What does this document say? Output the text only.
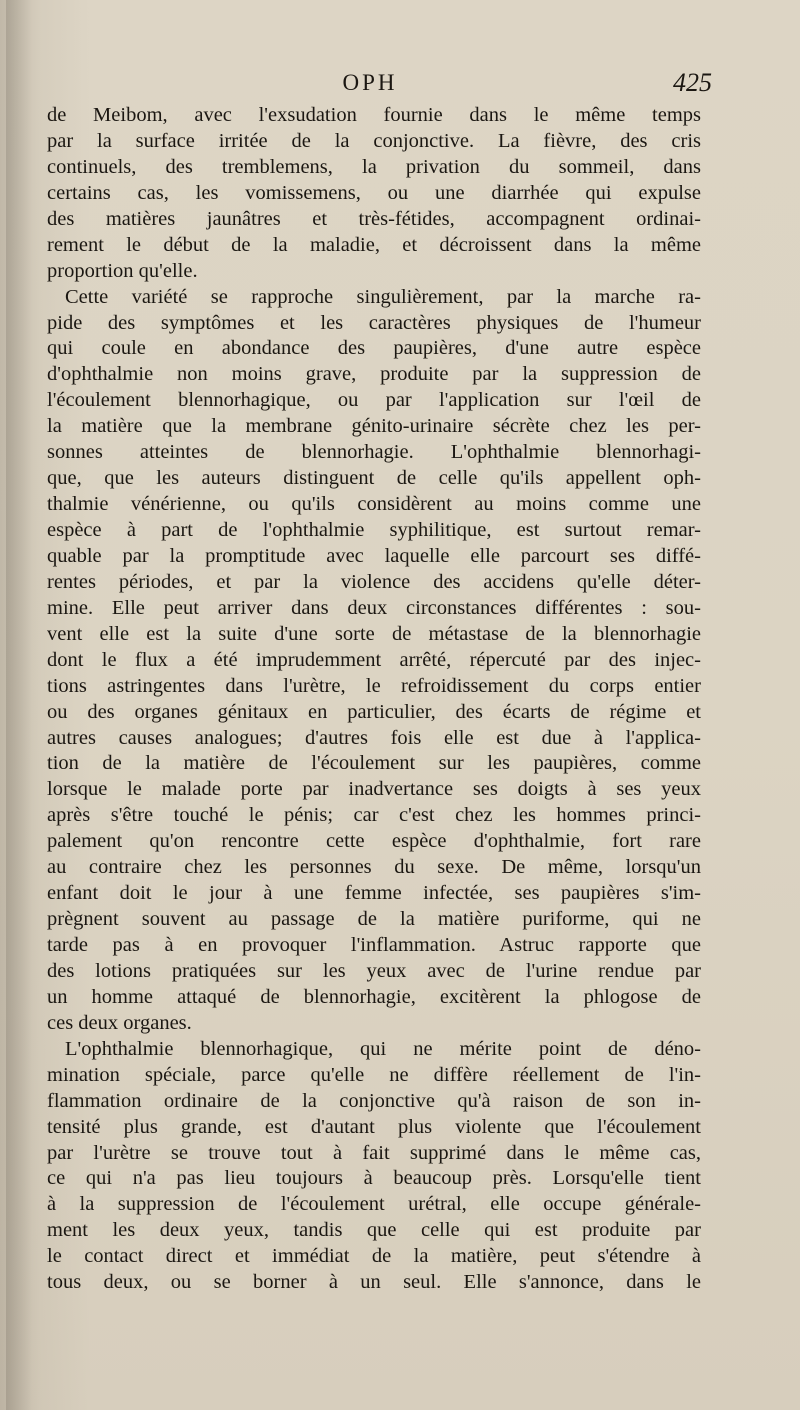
OPH	425
de Meibom, avec l'exsudation fournie dans le même temps
par la surface irritée de la conjonctive. La fièvre, des cris
continuels, des tremblemens, la privation du sommeil, dans
certains cas, les vomissemens, ou une diarrhée qui expulse
des matières jaunâtres et très-fétides, accompagnent ordinai-
rement le début de la maladie, et décroissent dans la même
proportion qu'elle.
Cette variété se rapproche singulièrement, par la marche ra-
pide des symptômes et les caractères physiques de l'humeur
qui coule en abondance des paupières, d'une autre espèce
d'ophthalmie non moins grave, produite par la suppression de
l'écoulement blennorhagique, ou par l'application sur l'œil de
la matière que la membrane génito-urinaire sécrète chez les per-
sonnes atteintes de blennorhagie. L'ophthalmie blennorhagi-
que, que les auteurs distinguent de celle qu'ils appellent oph-
thalmie vénérienne, ou qu'ils considèrent au moins comme une
espèce à part de l'ophthalmie syphilitique, est surtout remar-
quable par la promptitude avec laquelle elle parcourt ses diffé-
rentes périodes, et par la violence des accidens qu'elle déter-
mine. Elle peut arriver dans deux circonstances différentes : sou-
vent elle est la suite d'une sorte de métastase de la blennorhagie
dont le flux a été imprudemment arrêté, répercuté par des injec-
tions astringentes dans l'urètre, le refroidissement du corps entier
ou des organes génitaux en particulier, des écarts de régime et
autres causes analogues; d'autres fois elle est due à l'applica-
tion de la matière de l'écoulement sur les paupières, comme
lorsque le malade porte par inadvertance ses doigts à ses yeux
après s'être touché le pénis; car c'est chez les hommes princi-
palement qu'on rencontre cette espèce d'ophthalmie, fort rare
au contraire chez les personnes du sexe. De même, lorsqu'un
enfant doit le jour à une femme infectée, ses paupières s'im-
prègnent souvent au passage de la matière puriforme, qui ne
tarde pas à en provoquer l'inflammation. Astruc rapporte que
des lotions pratiquées sur les yeux avec de l'urine rendue par
un homme attaqué de blennorhagie, excitèrent la phlogose de
ces deux organes.
L'ophthalmie blennorhagique, qui ne mérite point de déno-
mination spéciale, parce qu'elle ne diffère réellement de l'in-
flammation ordinaire de la conjonctive qu'à raison de son in-
tensité plus grande, est d'autant plus violente que l'écoulement
par l'urètre se trouve tout à fait supprimé dans le même cas,
ce qui n'a pas lieu toujours à beaucoup près. Lorsqu'elle tient
à la suppression de l'écoulement urétral, elle occupe générale-
ment les deux yeux, tandis que celle qui est produite par
le contact direct et immédiat de la matière, peut s'étendre à
tous deux, ou se borner à un seul. Elle s'annonce, dans le
